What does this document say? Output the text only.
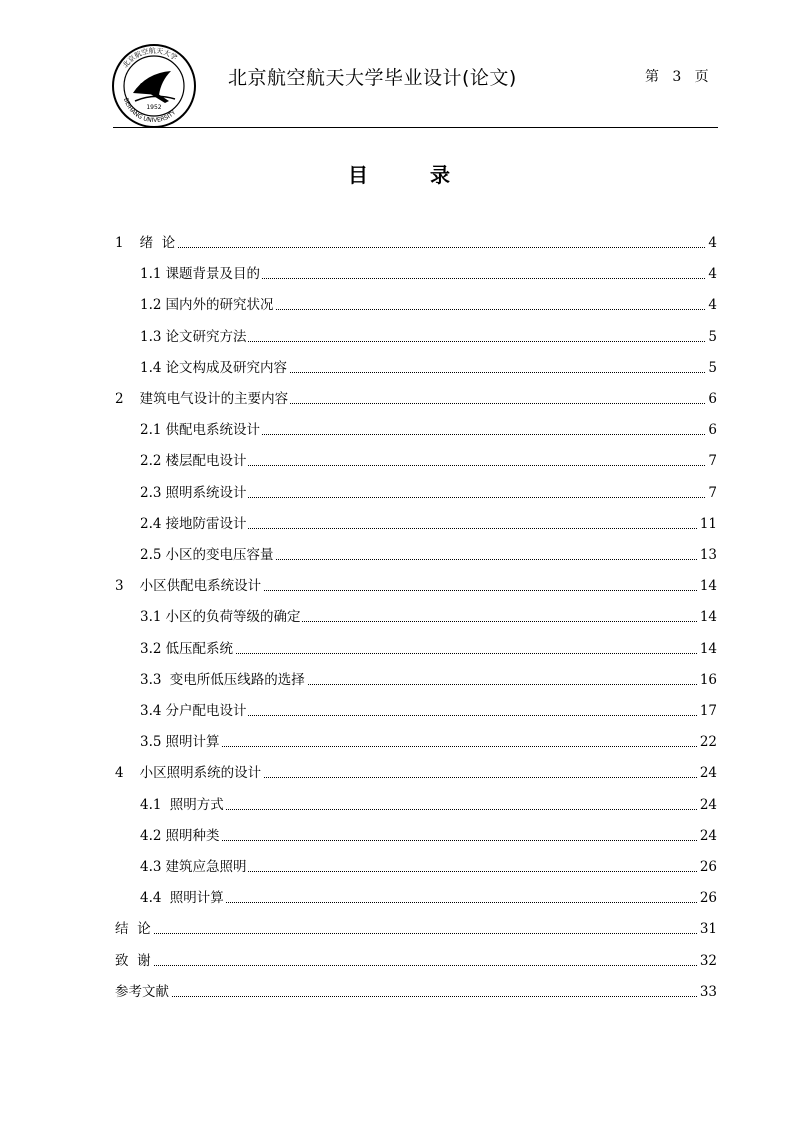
1952
北京航空航天大学
BEIHANG UNIVERSITY
北京航空航天大学毕业设计(论文)	第 3 页
目	录
1 绪  论	4
1.1 课题背景及目的	4
1.2 国内外的研究状况	4
1.3 论文研究方法	5
1.4 论文构成及研究内容	5
2 建筑电气设计的主要内容	6
2.1 供配电系统设计	6
2.2 楼层配电设计	7
2.3 照明系统设计	7
2.4 接地防雷设计	11
2.5 小区的变电压容量	13
3 小区供配电系统设计	14
3.1 小区的负荷等级的确定	14
3.2 低压配系统	14
3.3 变电所低压线路的选择	16
3.4 分户配电设计	17
3.5 照明计算	22
4 小区照明系统的设计	24
4.1 照明方式	24
4.2 照明种类	24
4.3 建筑应急照明	26
4.4 照明计算	26
结  论	31
致  谢	32
参考文献	33
